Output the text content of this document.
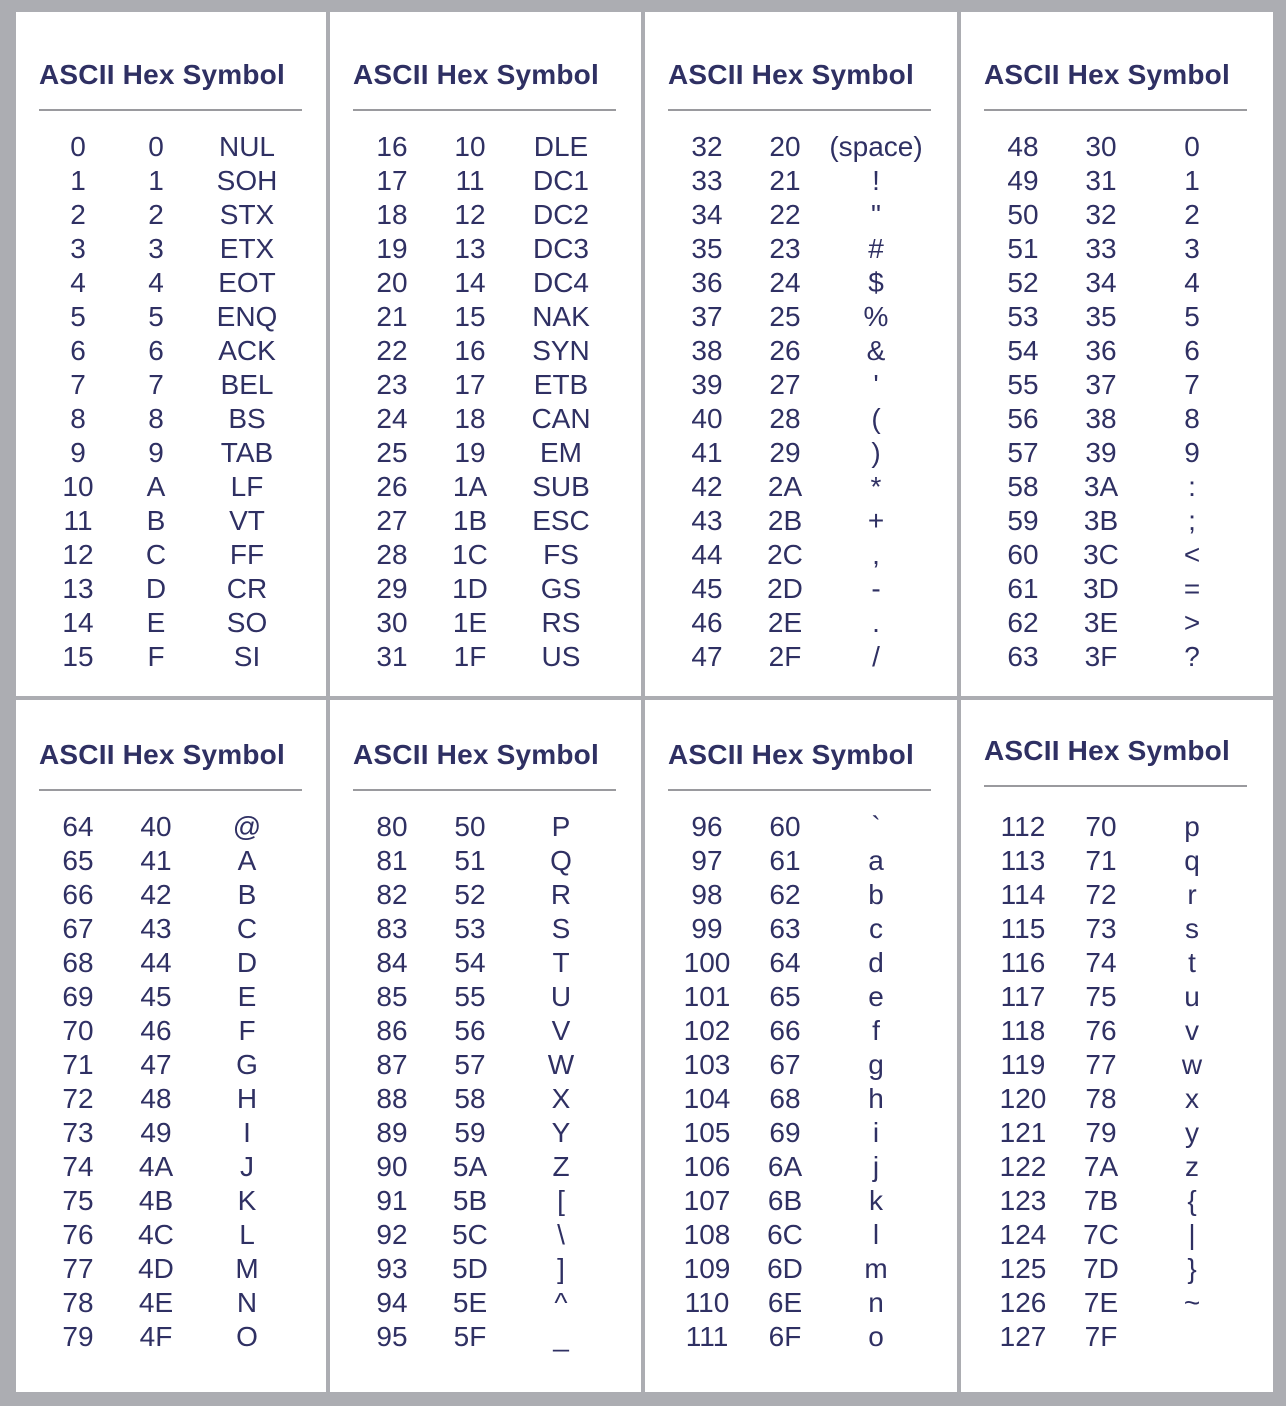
ASCII Hex Symbol
0	0	NUL
1	1	SOH
2	2	STX
3	3	ETX
4	4	EOT
5	5	ENQ
6	6	ACK
7	7	BEL
8	8	BS
9	9	TAB
10	A	LF
11	B	VT
12	C	FF
13	D	CR
14	E	SO
15	F	SI
ASCII Hex Symbol
16	10	DLE
17	11	DC1
18	12	DC2
19	13	DC3
20	14	DC4
21	15	NAK
22	16	SYN
23	17	ETB
24	18	CAN
25	19	EM
26	1A	SUB
27	1B	ESC
28	1C	FS
29	1D	GS
30	1E	RS
31	1F	US
ASCII Hex Symbol
32	20	(space)
33	21	!
34	22	"
35	23	#
36	24	$
37	25	%
38	26	&
39	27	'
40	28	(
41	29	)
42	2A	*
43	2B	+
44	2C	,
45	2D	-
46	2E	.
47	2F	/
ASCII Hex Symbol
48	30	0
49	31	1
50	32	2
51	33	3
52	34	4
53	35	5
54	36	6
55	37	7
56	38	8
57	39	9
58	3A	:
59	3B	;
60	3C	<
61	3D	=
62	3E	>
63	3F	?
ASCII Hex Symbol
64	40	@
65	41	A
66	42	B
67	43	C
68	44	D
69	45	E
70	46	F
71	47	G
72	48	H
73	49	I
74	4A	J
75	4B	K
76	4C	L
77	4D	M
78	4E	N
79	4F	O
ASCII Hex Symbol
80	50	P
81	51	Q
82	52	R
83	53	S
84	54	T
85	55	U
86	56	V
87	57	W
88	58	X
89	59	Y
90	5A	Z
91	5B	[
92	5C	\
93	5D	]
94	5E	^
95	5F	_
ASCII Hex Symbol
96	60	`
97	61	a
98	62	b
99	63	c
100	64	d
101	65	e
102	66	f
103	67	g
104	68	h
105	69	i
106 6A	j
107 6B	k
108 6C	l
109 6D	m
110 6E	n
111 6F	o
ASCII Hex Symbol
112	70	p
113	71	q
114	72	r
115	73	s
116	74	t
117	75	u
118	76	v
119	77	w
120	78	x
121	79	y
122 7A	z
123 7B	{
124 7C	|
125 7D	}
126 7E	~
127 7F
